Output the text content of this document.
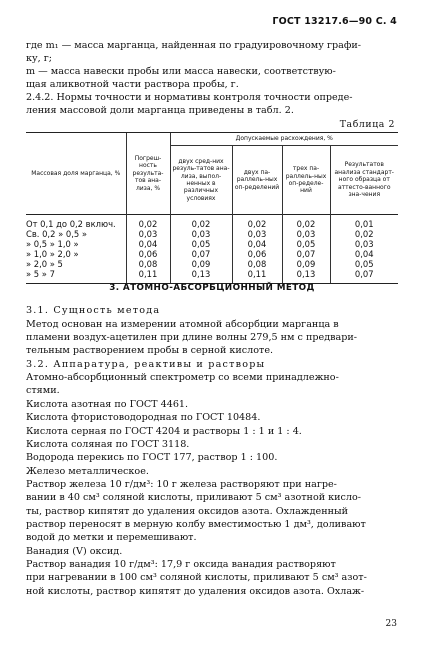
ГОСТ 13217.6—90 С. 4
где m₁ — масса марганца, найденная по градуировочному графи-
ку, г;
m — масса навески пробы или масса навески, соответствую-
щая аликвотной части раствора пробы, г.
2.4.2. Нормы точности и нормативы контроля точности опреде-
ления массовой доли марганца приведены в табл. 2.
Таблица 2
Массовая доля марганца, %	Погреш-ность результа-тов ана-лиза, %	Допускаемые расхождения, %			
		двух сред-них резуль-татов ана-лиза, выпол-ненных в различных условиях	двух па-раллель-ных оп-ределений	трех па-раллель-ных оп-ределе-ний	Результатов анализа стандарт-ного образца от аттесто-ванного зна-чения
От 0,1 до 0,2 включ.	0,02	0,02	0,02	0,02	0,01
Св. 0,2 » 0,5 »	0,03	0,03	0,03	0,03	0,02
» 0,5 » 1,0 »	0,04	0,05	0,04	0,05	0,03
» 1,0 » 2,0 »	0,06	0,07	0,06	0,07	0,04
» 2,0 » 5	0,08	0,09	0,08	0,09	0,05
» 5 » 7	0,11	0,13	0,11	0,13	0,07
3. АТОМНО-АБСОРБЦИОННЫЙ МЕТОД
3.1. Сущность метода
Метод основан на измерении атомной абсорбции марганца в
пламени воздух-ацетилен при длине волны 279,5 нм с предвари-
тельным растворением пробы в серной кислоте.
3.2. Аппаратура, реактивы и растворы
Атомно-абсорбционный спектрометр со всеми принадлежно-
стями.
Кислота азотная по ГОСТ 4461.
Кислота фтористоводородная по ГОСТ 10484.
Кислота серная по ГОСТ 4204 и растворы 1 : 1 и 1 : 4.
Кислота соляная по ГОСТ 3118.
Водорода перекись по ГОСТ 177, раствор 1 : 100.
Железо металлическое.
Раствор железа 10 г/дм³: 10 г железа растворяют при нагре-
вании в 40 см³ соляной кислоты, приливают 5 см³ азотной кисло-
ты, раствор кипятят до удаления оксидов азота. Охлажденный
раствор переносят в мерную колбу вместимостью 1 дм³, доливают
водой до метки и перемешивают.
Ванадия (V) оксид.
Раствор ванадия 10 г/дм³: 17,9 г оксида ванадия растворяют
при нагревании в 100 см³ соляной кислоты, приливают 5 см³ азот-
ной кислоты, раствор кипятят до удаления оксидов азота. Охлаж-
23
